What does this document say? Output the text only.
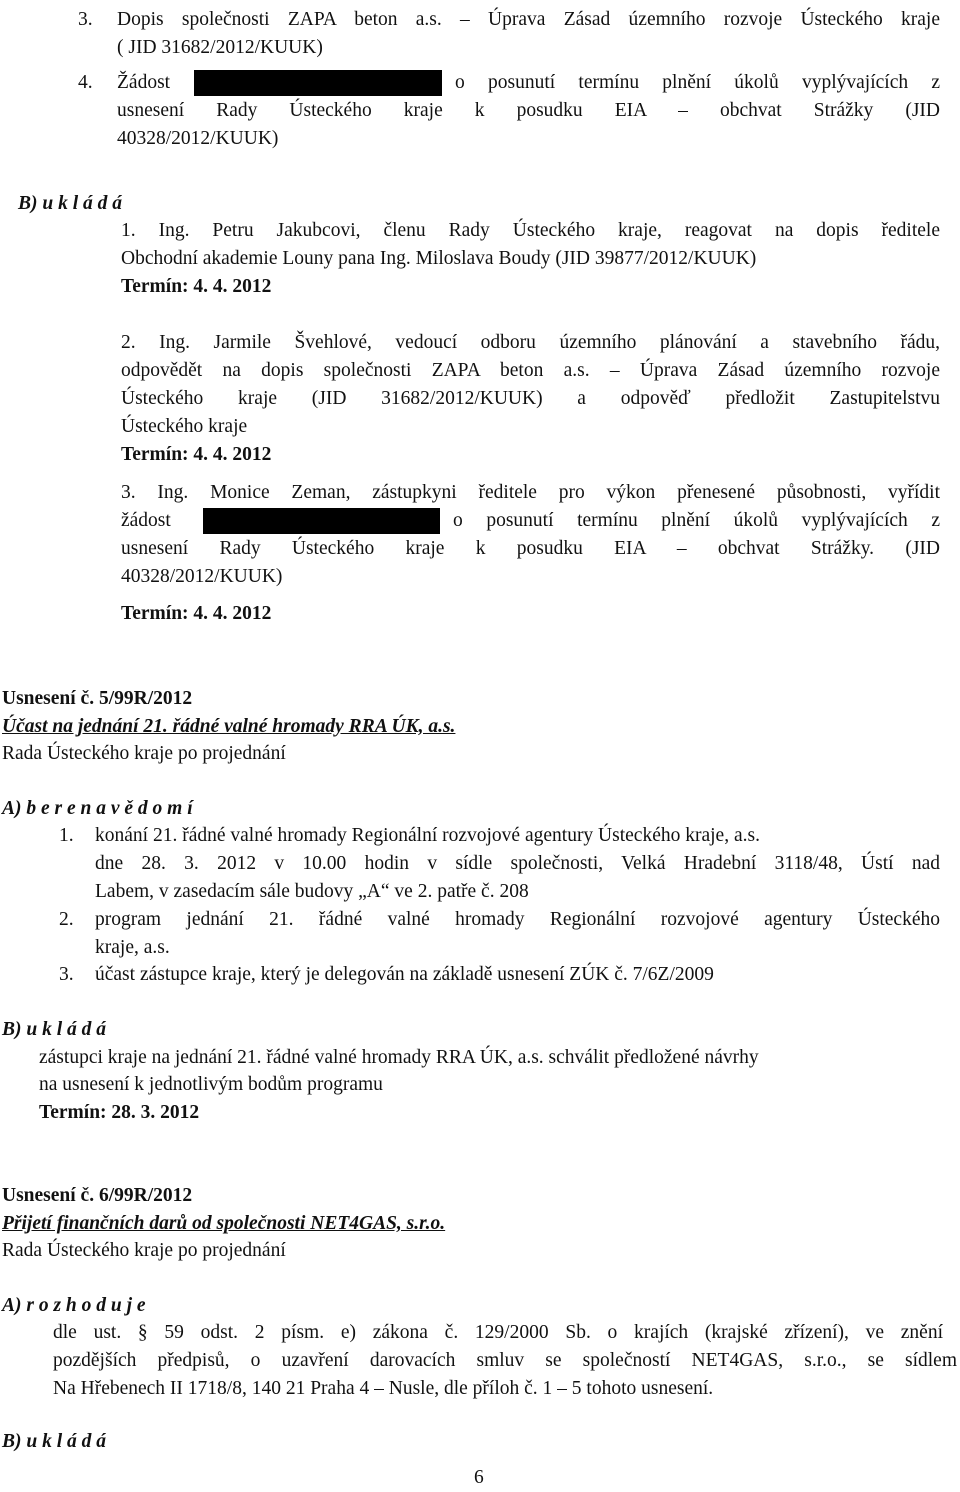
3. Dopis společnosti ZAPA beton a.s. – Úprava Zásad územního rozvoje Ústeckého kraje
( JID 31682/2012/KUUK)
4. Žádost	o posunutí termínu plnění úkolů vyplývajících z
usnesení Rady Ústeckého kraje k posudku EIA – obchvat Strážky (JID
40328/2012/KUUK)
B) u k l á d á
1. Ing. Petru Jakubcovi, členu Rady Ústeckého kraje, reagovat na dopis ředitele
Obchodní akademie Louny pana Ing. Miloslava Boudy (JID 39877/2012/KUUK)
Termín: 4. 4. 2012
2. Ing. Jarmile Švehlové, vedoucí odboru územního plánování a stavebního řádu,
odpovědět na dopis společnosti ZAPA beton a.s. – Úprava Zásad územního rozvoje
Ústeckého kraje (JID 31682/2012/KUUK) a odpověď předložit Zastupitelstvu
Ústeckého kraje
Termín: 4. 4. 2012
3. Ing. Monice Zeman, zástupkyni ředitele pro výkon přenesené působnosti, vyřídit
žádost	o posunutí termínu plnění úkolů vyplývajících z
usnesení Rady Ústeckého kraje k posudku EIA – obchvat Strážky. (JID
40328/2012/KUUK)
Termín: 4. 4. 2012
Usnesení č. 5/99R/2012
Účast na jednání 21. řádné valné hromady RRA ÚK, a.s.
Rada Ústeckého kraje po projednání
A) b e r e n a v ě d o m í
1. konání 21. řádné valné hromady Regionální rozvojové agentury Ústeckého kraje, a.s.
dne 28. 3. 2012 v 10.00 hodin v sídle společnosti, Velká Hradební 3118/48, Ústí nad
Labem, v zasedacím sále budovy „A“ ve 2. patře č. 208
2. program jednání 21. řádné valné hromady Regionální rozvojové agentury Ústeckého
kraje, a.s.
3. účast zástupce kraje, který je delegován na základě usnesení ZÚK č. 7/6Z/2009
B) u k l á d á
zástupci kraje na jednání 21. řádné valné hromady RRA ÚK, a.s. schválit předložené návrhy
na usnesení k jednotlivým bodům programu
Termín: 28. 3. 2012
Usnesení č. 6/99R/2012
Přijetí finančních darů od společnosti NET4GAS, s.r.o.
Rada Ústeckého kraje po projednání
A) r o z h o d u j e
dle ust. § 59 odst. 2 písm. e) zákona č. 129/2000 Sb. o krajích (krajské zřízení), ve znění
pozdějších předpisů, o uzavření darovacích smluv se společností NET4GAS, s.r.o., se sídlem
Na Hřebenech II 1718/8, 140 21 Praha 4 – Nusle, dle příloh č. 1 – 5 tohoto usnesení.
B) u k l á d á
6
